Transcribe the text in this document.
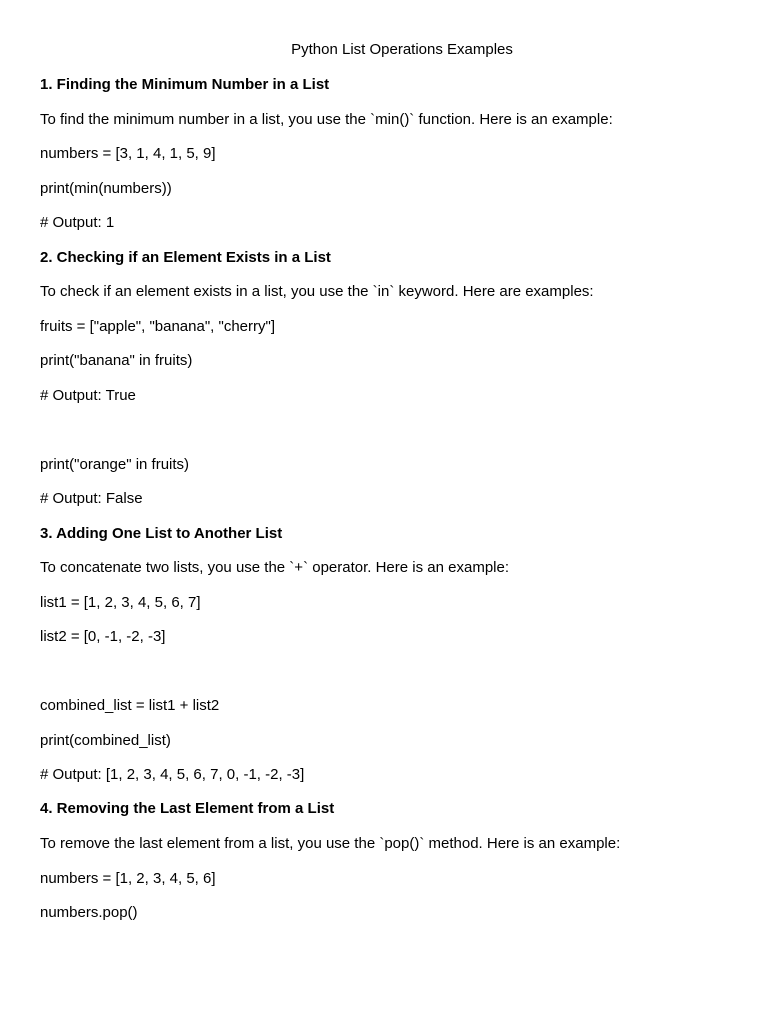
Python List Operations Examples
1. Finding the Minimum Number in a List
To find the minimum number in a list, you use the `min()` function. Here is an example:
numbers = [3, 1, 4, 1, 5, 9]
print(min(numbers))
# Output: 1
2. Checking if an Element Exists in a List
To check if an element exists in a list, you use the `in` keyword. Here are examples:
fruits = ["apple", "banana", "cherry"]
print("banana" in fruits)
# Output: True
print("orange" in fruits)
# Output: False
3. Adding One List to Another List
To concatenate two lists, you use the `+` operator. Here is an example:
list1 = [1, 2, 3, 4, 5, 6, 7]
list2 = [0, -1, -2, -3]
combined_list = list1 + list2
print(combined_list)
# Output: [1, 2, 3, 4, 5, 6, 7, 0, -1, -2, -3]
4. Removing the Last Element from a List
To remove the last element from a list, you use the `pop()` method. Here is an example:
numbers = [1, 2, 3, 4, 5, 6]
numbers.pop()
